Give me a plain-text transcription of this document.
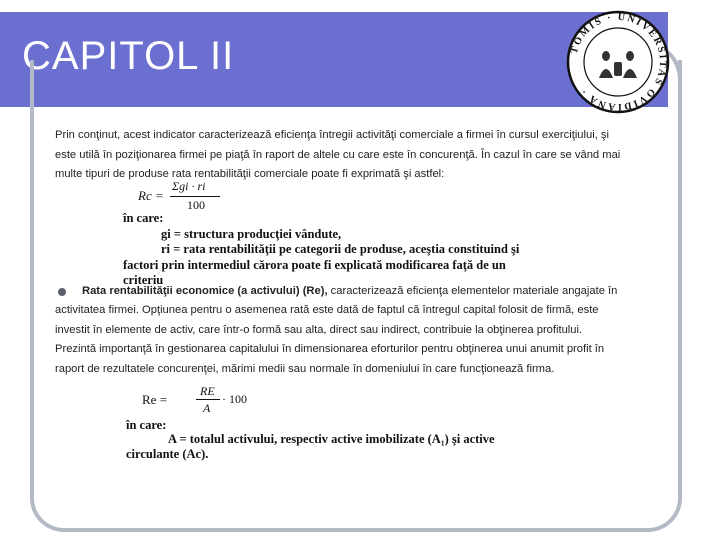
CAPITOL II	TOMIS · UNIVERSITAS OVIDIANA ·
Prin conţinut, acest indicator caracterizează eficienţa întregii activităţi comerciale a firmei în cursul exerciţiului, şi
este utilă în poziţionarea firmei pe piaţă în raport de altele cu care este în concurenţă. În cazul în care se vând mai
multe tipuri de produse rata rentabilităţii comerciale poate fi exprimată şi astfel:
Rc =
Σgi · ri
100
în care:
gi = structura producţiei vândute,
ri = rata rentabilităţii pe categorii de produse, aceştia constituind şi
factori prin intermediul cărora poate fi explicată modificarea faţă de un
criteriu
Rata rentabilităţii economice (a activului) (Re), caracterizează eficienţa elementelor materiale angajate în
activitatea firmei. Opţiunea pentru o asemenea rată este dată de faptul că întregul capital folosit de firmă, este
investit în elemente de activ, care într-o formă sau alta, direct sau indirect, contribuie la obţinerea profitului.
Prezintă importanţă în gestionarea capitalului în dimensionarea eforturilor pentru obţinerea unui anumit profit în
raport de rezultatele concurenţei, mărimi medii sau normale în domeniului în care funcţionează firma.
Re =
RE
A
· 100
în care:
A = totalul activului, respectiv active imobilizate (A₁) şi active
circulante (Ac).
